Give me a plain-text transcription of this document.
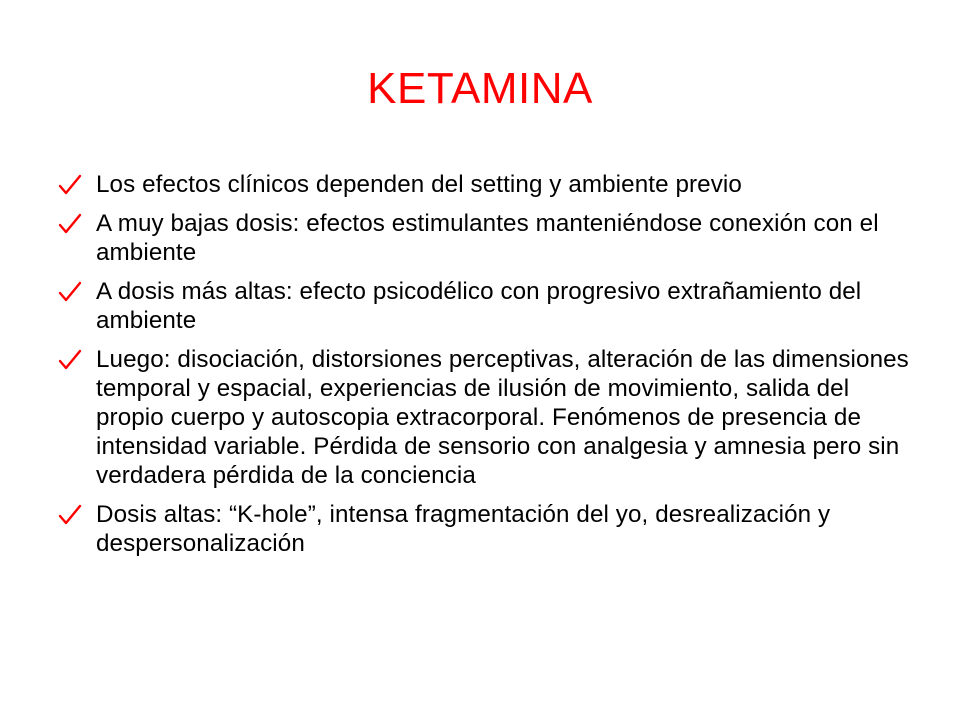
KETAMINA
Los efectos clínicos dependen del setting y ambiente previo
A muy bajas dosis: efectos estimulantes manteniéndose conexión con el ambiente
A dosis más altas: efecto psicodélico con progresivo extrañamiento del ambiente
Luego: disociación, distorsiones perceptivas, alteración de las dimensiones temporal y espacial, experiencias de ilusión de movimiento, salida del propio cuerpo y autoscopia extracorporal. Fenómenos de presencia de intensidad variable. Pérdida de sensorio con analgesia y amnesia pero sin verdadera pérdida de la conciencia
Dosis altas: “K-hole”, intensa fragmentación del yo, desrealización y despersonalización
